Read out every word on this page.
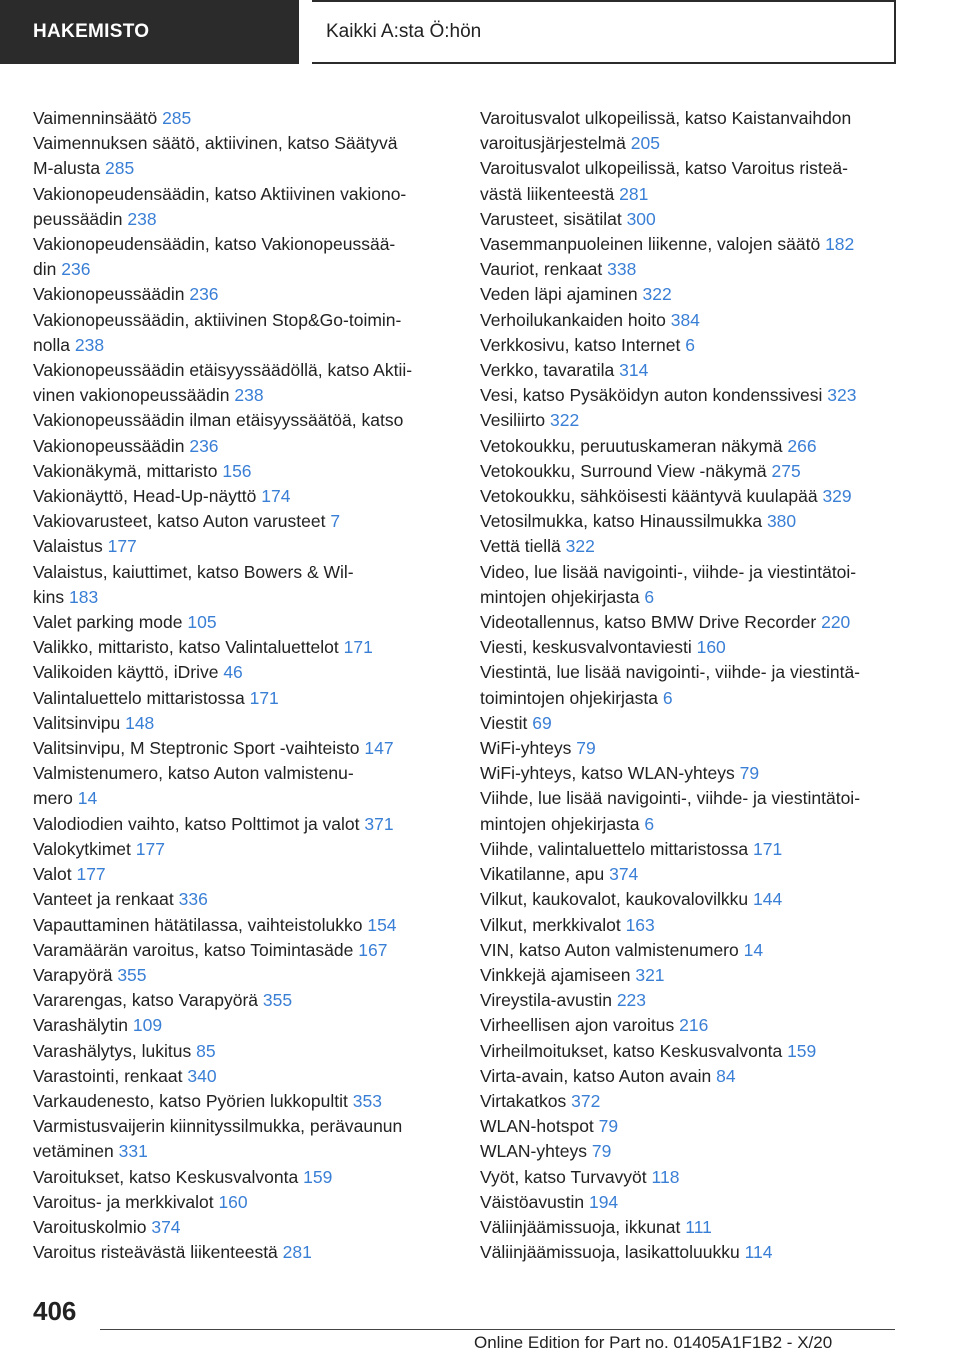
HAKEMISTO	Kaikki A:sta Ö:hön
Vaimenninsäätö 285
Vaimennuksen säätö, aktiivinen, katso Säätyvä
M-alusta 285
Vakionopeudensäädin, katso Aktiivinen vakiono-
peussäädin 238
Vakionopeudensäädin, katso Vakionopeussää-
din 236
Vakionopeussäädin 236
Vakionopeussäädin, aktiivinen Stop&Go-toimin-
nolla 238
Vakionopeussäädin etäisyyssäädöllä, katso Aktii-
vinen vakionopeussäädin 238
Vakionopeussäädin ilman etäisyyssäätöä, katso
Vakionopeussäädin 236
Vakionäkymä, mittaristo 156
Vakionäyttö, Head-Up-näyttö 174
Vakiovarusteet, katso Auton varusteet 7
Valaistus 177
Valaistus, kaiuttimet, katso Bowers & Wil-
kins 183
Valet parking mode 105
Valikko, mittaristo, katso Valintaluettelot 171
Valikoiden käyttö, iDrive 46
Valintaluettelo mittaristossa 171
Valitsinvipu 148
Valitsinvipu, M Steptronic Sport -vaihteisto 147
Valmistenumero, katso Auton valmistenu-
mero 14
Valodiodien vaihto, katso Polttimot ja valot 371
Valokytkimet 177
Valot 177
Vanteet ja renkaat 336
Vapauttaminen hätätilassa, vaihteistolukko 154
Varamäärän varoitus, katso Toimintasäde 167
Varapyörä 355
Vararengas, katso Varapyörä 355
Varashälytin 109
Varashälytys, lukitus 85
Varastointi, renkaat 340
Varkaudenesto, katso Pyörien lukkopultit 353
Varmistusvaijerin kiinnityssilmukka, perävaunun
vetäminen 331
Varoitukset, katso Keskusvalvonta 159
Varoitus- ja merkkivalot 160
Varoituskolmio 374
Varoitus risteävästä liikenteestä 281
Varoitusvalot ulkopeilissä, katso Kaistanvaihdon
varoitusjärjestelmä 205
Varoitusvalot ulkopeilissä, katso Varoitus risteä-
västä liikenteestä 281
Varusteet, sisätilat 300
Vasemmanpuoleinen liikenne, valojen säätö 182
Vauriot, renkaat 338
Veden läpi ajaminen 322
Verhoilukankaiden hoito 384
Verkkosivu, katso Internet 6
Verkko, tavaratila 314
Vesi, katso Pysäköidyn auton kondenssivesi 323
Vesiliirto 322
Vetokoukku, peruutuskameran näkymä 266
Vetokoukku, Surround View -näkymä 275
Vetokoukku, sähköisesti kääntyvä kuulapää 329
Vetosilmukka, katso Hinaussilmukka 380
Vettä tiellä 322
Video, lue lisää navigointi-, viihde- ja viestintätoi-
mintojen ohjekirjasta 6
Videotallennus, katso BMW Drive Recorder 220
Viesti, keskusvalvontaviesti 160
Viestintä, lue lisää navigointi-, viihde- ja viestintä-
toimintojen ohjekirjasta 6
Viestit 69
WiFi-yhteys 79
WiFi-yhteys, katso WLAN-yhteys 79
Viihde, lue lisää navigointi-, viihde- ja viestintätoi-
mintojen ohjekirjasta 6
Viihde, valintaluettelo mittaristossa 171
Vikatilanne, apu 374
Vilkut, kaukovalot, kaukovalovilkku 144
Vilkut, merkkivalot 163
VIN, katso Auton valmistenumero 14
Vinkkejä ajamiseen 321
Vireystila-avustin 223
Virheellisen ajon varoitus 216
Virheilmoitukset, katso Keskusvalvonta 159
Virta-avain, katso Auton avain 84
Virtakatkos 372
WLAN-hotspot 79
WLAN-yhteys 79
Vyöt, katso Turvavyöt 118
Väistöavustin 194
Väliinjäämissuoja, ikkunat 111
Väliinjäämissuoja, lasikattoluukku 114
406
Online Edition for Part no. 01405A1F1B2 - X/20
